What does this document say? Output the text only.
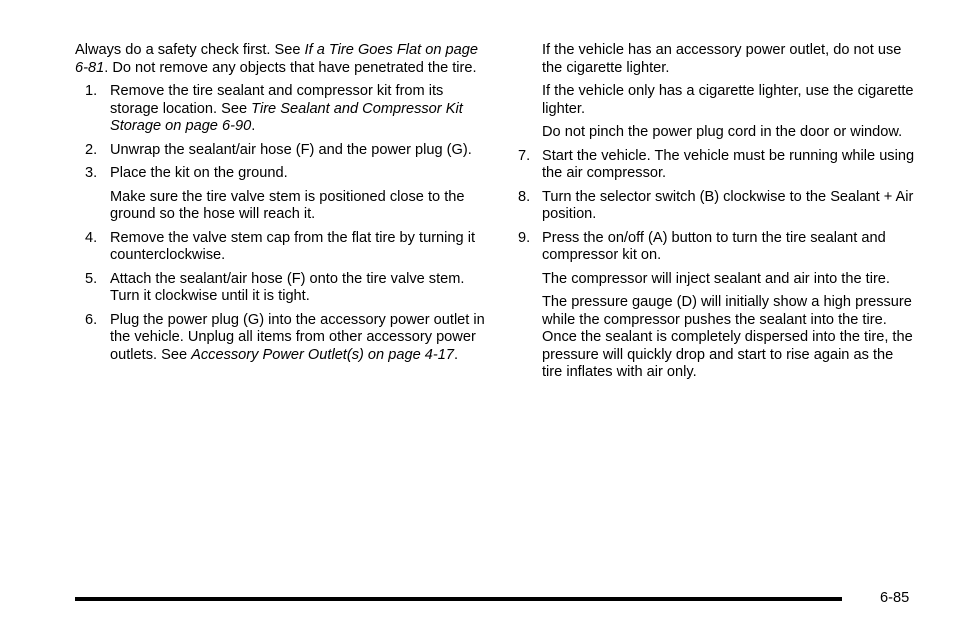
Always do a safety check first. See If a Tire Goes Flat on page 6-81. Do not remove any objects that have penetrated the tire.

1. Remove the tire sealant and compressor kit from its storage location. See Tire Sealant and Compressor Kit Storage on page 6-90.

2. Unwrap the sealant/air hose (F) and the power plug (G).

3. Place the kit on the ground.

Make sure the tire valve stem is positioned close to the ground so the hose will reach it.

4. Remove the valve stem cap from the flat tire by turning it counterclockwise.

5. Attach the sealant/air hose (F) onto the tire valve stem. Turn it clockwise until it is tight.

6. Plug the power plug (G) into the accessory power outlet in the vehicle. Unplug all items from other accessory power outlets. See Accessory Power Outlet(s) on page 4-17.

If the vehicle has an accessory power outlet, do not use the cigarette lighter.

If the vehicle only has a cigarette lighter, use the cigarette lighter.

Do not pinch the power plug cord in the door or window.

7. Start the vehicle. The vehicle must be running while using the air compressor.

8. Turn the selector switch (B) clockwise to the Sealant + Air position.

9. Press the on/off (A) button to turn the tire sealant and compressor kit on.

The compressor will inject sealant and air into the tire.

The pressure gauge (D) will initially show a high pressure while the compressor pushes the sealant into the tire. Once the sealant is completely dispersed into the tire, the pressure will quickly drop and start to rise again as the tire inflates with air only.

6-85
